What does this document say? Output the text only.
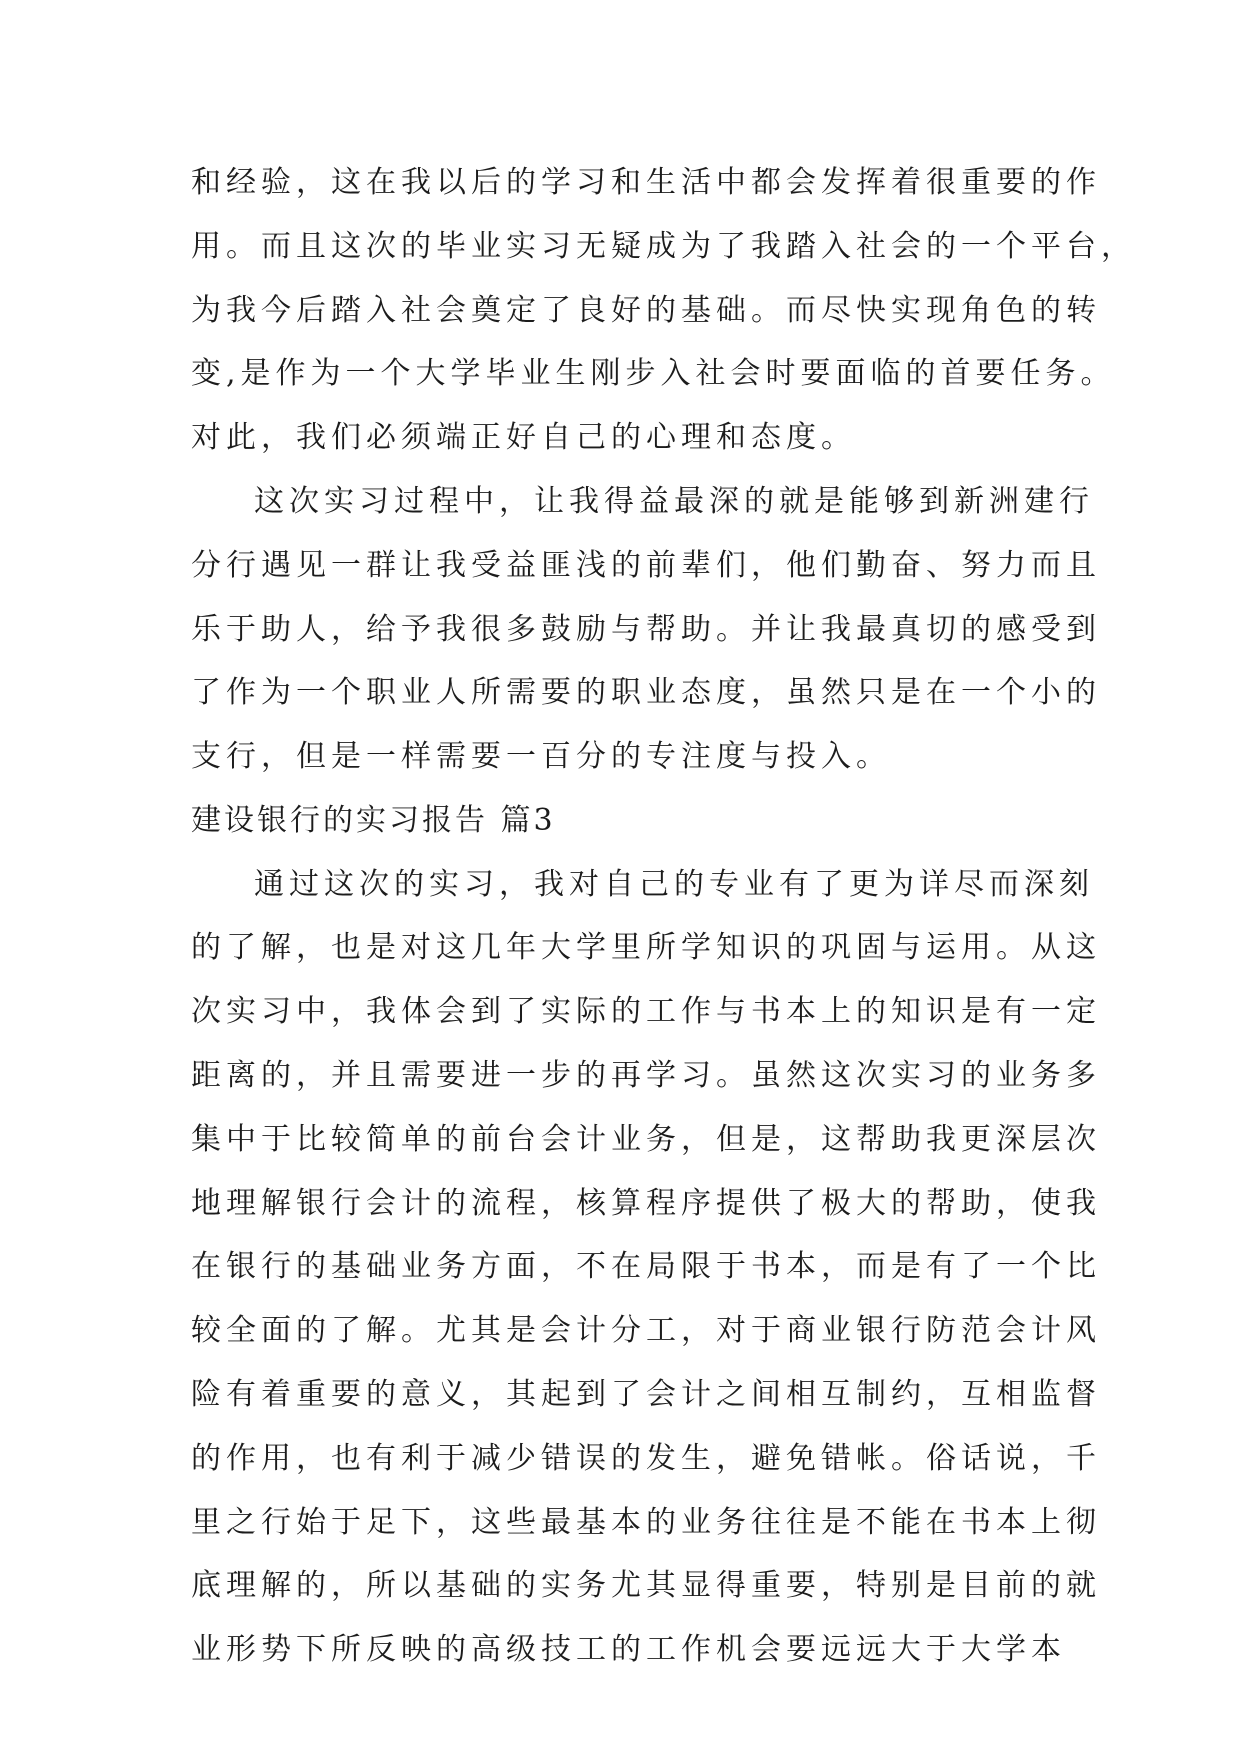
和经验，这在我以后的学习和生活中都会发挥着很重要的作

用。而且这次的毕业实习无疑成为了我踏入社会的一个平台，

为我今后踏入社会奠定了良好的基础。而尽快实现角色的转

变,是作为一个大学毕业生刚步入社会时要面临的首要任务。

对此，我们必须端正好自己的心理和态度。

这次实习过程中，让我得益最深的就是能够到新洲建行

分行遇见一群让我受益匪浅的前辈们，他们勤奋、努力而且

乐于助人，给予我很多鼓励与帮助。并让我最真切的感受到

了作为一个职业人所需要的职业态度，虽然只是在一个小的

支行，但是一样需要一百分的专注度与投入。

建设银行的实习报告 篇3

通过这次的实习，我对自己的专业有了更为详尽而深刻

的了解，也是对这几年大学里所学知识的巩固与运用。从这

次实习中，我体会到了实际的工作与书本上的知识是有一定

距离的，并且需要进一步的再学习。虽然这次实习的业务多

集中于比较简单的前台会计业务，但是，这帮助我更深层次

地理解银行会计的流程，核算程序提供了极大的帮助，使我

在银行的基础业务方面，不在局限于书本，而是有了一个比

较全面的了解。尤其是会计分工，对于商业银行防范会计风

险有着重要的意义，其起到了会计之间相互制约，互相监督

的作用，也有利于减少错误的发生，避免错帐。俗话说，千

里之行始于足下，这些最基本的业务往往是不能在书本上彻

底理解的，所以基础的实务尤其显得重要，特别是目前的就

业形势下所反映的高级技工的工作机会要远远大于大学本
